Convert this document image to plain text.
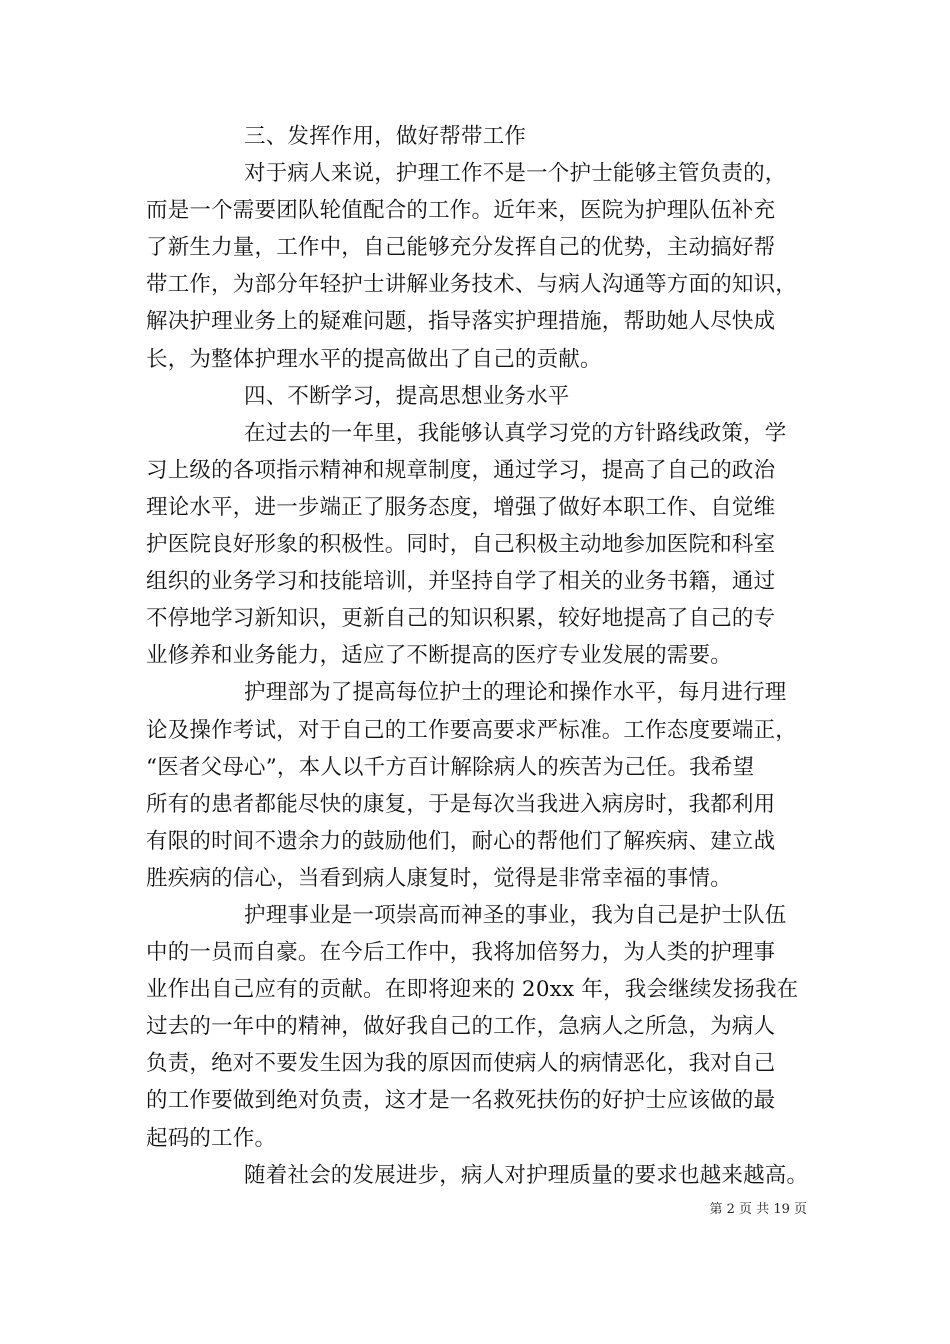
三、发挥作用，做好帮带工作
对于病人来说，护理工作不是一个护士能够主管负责的，
而是一个需要团队轮值配合的工作。近年来，医院为护理队伍补充
了新生力量，工作中，自己能够充分发挥自己的优势，主动搞好帮
带工作，为部分年轻护士讲解业务技术、与病人沟通等方面的知识，
解决护理业务上的疑难问题，指导落实护理措施，帮助她人尽快成
长，为整体护理水平的提高做出了自己的贡献。
四、不断学习，提高思想业务水平
在过去的一年里，我能够认真学习党的方针路线政策，学
习上级的各项指示精神和规章制度，通过学习，提高了自己的政治
理论水平，进一步端正了服务态度，增强了做好本职工作、自觉维
护医院良好形象的积极性。同时，自己积极主动地参加医院和科室
组织的业务学习和技能培训，并坚持自学了相关的业务书籍，通过
不停地学习新知识，更新自己的知识积累，较好地提高了自己的专
业修养和业务能力，适应了不断提高的医疗专业发展的需要。
护理部为了提高每位护士的理论和操作水平，每月进行理
论及操作考试，对于自己的工作要高要求严标准。工作态度要端正，
“医者父母心”，本人以千方百计解除病人的疾苦为己任。我希望
所有的患者都能尽快的康复，于是每次当我进入病房时，我都利用
有限的时间不遗余力的鼓励他们，耐心的帮他们了解疾病、建立战
胜疾病的信心，当看到病人康复时，觉得是非常幸福的事情。
护理事业是一项崇高而神圣的事业，我为自己是护士队伍
中的一员而自豪。在今后工作中，我将加倍努力，为人类的护理事
业作出自己应有的贡献。在即将迎来的 20xx 年，我会继续发扬我在
过去的一年中的精神，做好我自己的工作，急病人之所急，为病人
负责，绝对不要发生因为我的原因而使病人的病情恶化，我对自己
的工作要做到绝对负责，这才是一名救死扶伤的好护士应该做的最
起码的工作。
随着社会的发展进步，病人对护理质量的要求也越来越高。
第 2 页 共 19 页
